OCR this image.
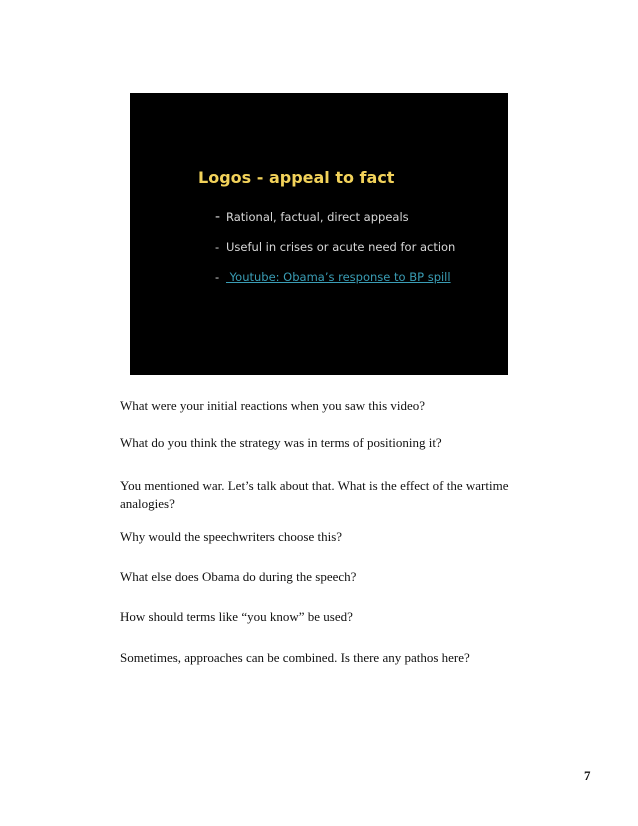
Logos - appeal to fact
- Rational, factual, direct appeals
- Useful in crises or acute need for action
- Youtube: Obama’s response to BP spill

What were your initial reactions when you saw this video?

What do you think the strategy was in terms of positioning it?

You mentioned war. Let’s talk about that. What is the effect of the wartime analogies?

Why would the speechwriters choose this?

What else does Obama do during the speech?

How should terms like “you know” be used?

Sometimes, approaches can be combined. Is there any pathos here?

7
